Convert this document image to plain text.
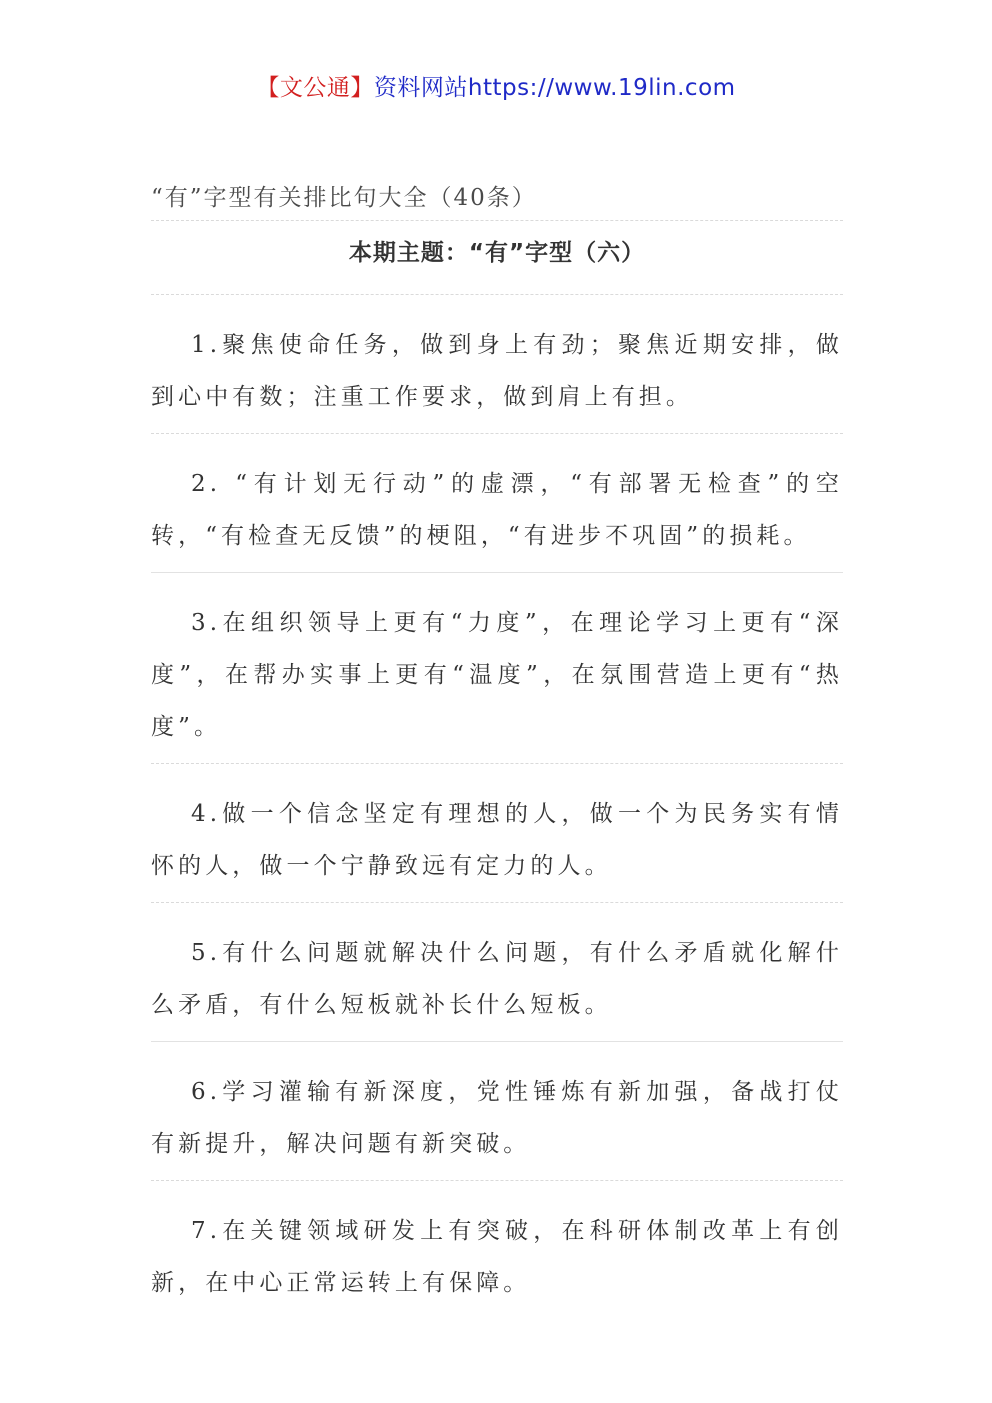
【文公通】资料网站https://www.19lin.com
“有”字型有关排比句大全（40条）
本期主题：“有”字型（六）

1.聚焦使命任务，做到身上有劲；聚焦近期安排，做到心中有数；注重工作要求，做到肩上有担。

2. “有计划无行动”的虚漂，“有部署无检查”的空转，“有检查无反馈”的梗阻，“有进步不巩固”的损耗。

3.在组织领导上更有“力度”，在理论学习上更有“深度”，在帮办实事上更有“温度”，在氛围营造上更有“热度”。

4.做一个信念坚定有理想的人，做一个为民务实有情怀的人，做一个宁静致远有定力的人。

5.有什么问题就解决什么问题，有什么矛盾就化解什么矛盾，有什么短板就补长什么短板。

6.学习灌输有新深度，党性锤炼有新加强，备战打仗有新提升，解决问题有新突破。

7.在关键领域研发上有突破，在科研体制改革上有创新，在中心正常运转上有保障。
